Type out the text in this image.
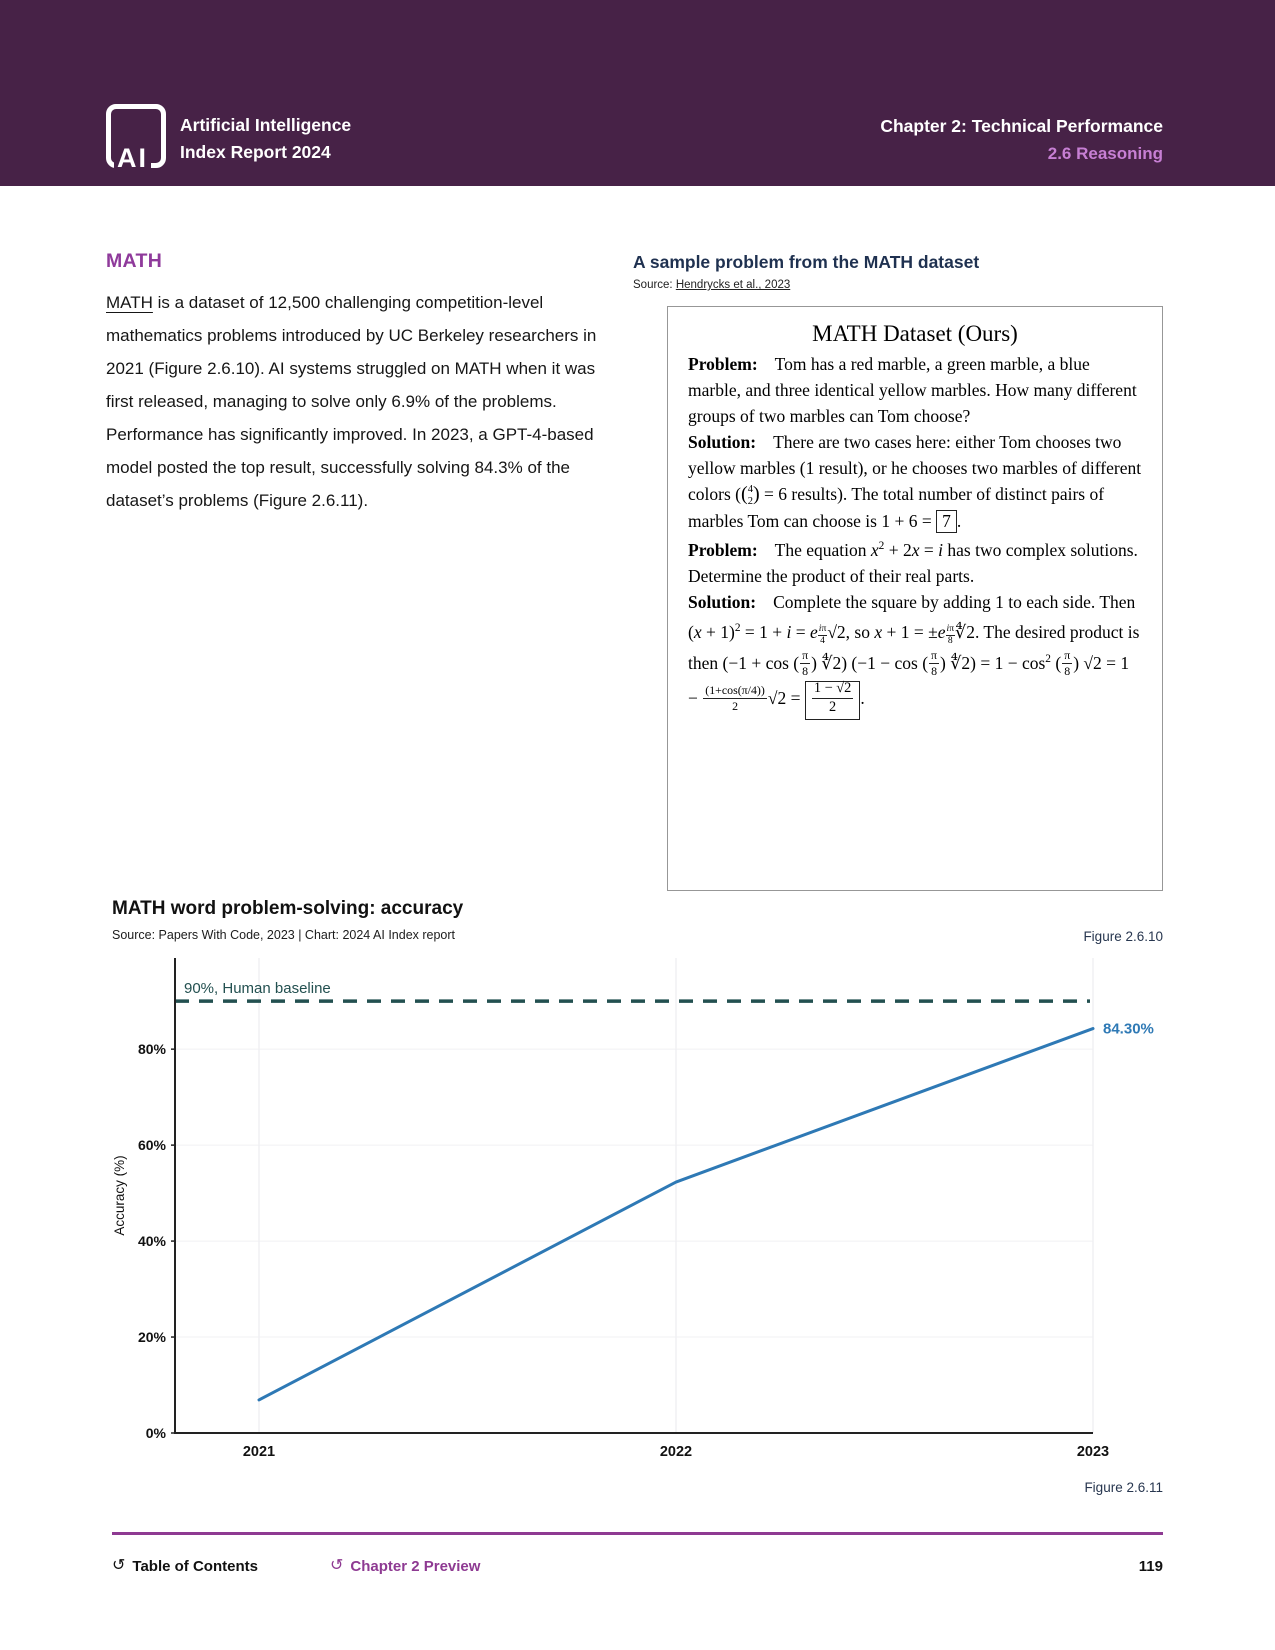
AI
Artificial Intelligence
Index Report 2024
Chapter 2: Technical Performance
2.6 Reasoning
MATH

MATH is a dataset of 12,500 challenging competition-level mathematics problems introduced by UC Berkeley researchers in 2021 (Figure 2.6.10). AI systems struggled on MATH when it was first released, managing to solve only 6.9% of the problems. Performance has significantly improved. In 2023, a GPT-4-based model posted the top result, successfully solving 84.3% of the dataset’s problems (Figure 2.6.11).

A sample problem from the MATH dataset
Source: Hendrycks et al., 2023
MATH Dataset (Ours)

Problem: Tom has a red marble, a green marble, a blue marble, and three identical yellow marbles. How many different groups of two marbles can Tom choose?

Solution: There are two cases here: either Tom chooses two yellow marbles (1 result), or he chooses two marbles of different colors (( 4
2 ) = 6 results). The total number of distinct pairs of marbles Tom can choose is 1 + 6 = 7 .

Problem: The equation $x^2 + 2x = i$ has two complex solutions. Determine the product of their real parts.

Solution: Complete the square by adding 1 to each side. Then $(x + 1)^2 = 1 + i = e$ $^{\frac{i\pi}{4}}$ √2, so x + 1 = ±e $^{\frac{i\pi}{8}}$ ∜2. The desired product is then (−1 + cos ( $\frac{\pi}{8}$ ) ∜2) (−1 − cos ( $\frac{\pi}{8}$ ) ∜2) = $1 - \cos^2$ ( $\frac{\pi}{8}$ ) $√2 = 1 - \frac{(1+\cos(\pi/4))}{2} √2 = \frac{1 - √2}{2}$ .

MATH word problem-solving: accuracy
Source: Papers With Code, 2023 | Chart: 2024 AI Index report	Figure 2.6.10
90%, Human baseline
0%
20%
40%
60%
80%
2021	2022	2023
Accuracy (%)
84.30%
Figure 2.6.11
↺ Table of Contents	↺ Chapter 2 Preview	119
